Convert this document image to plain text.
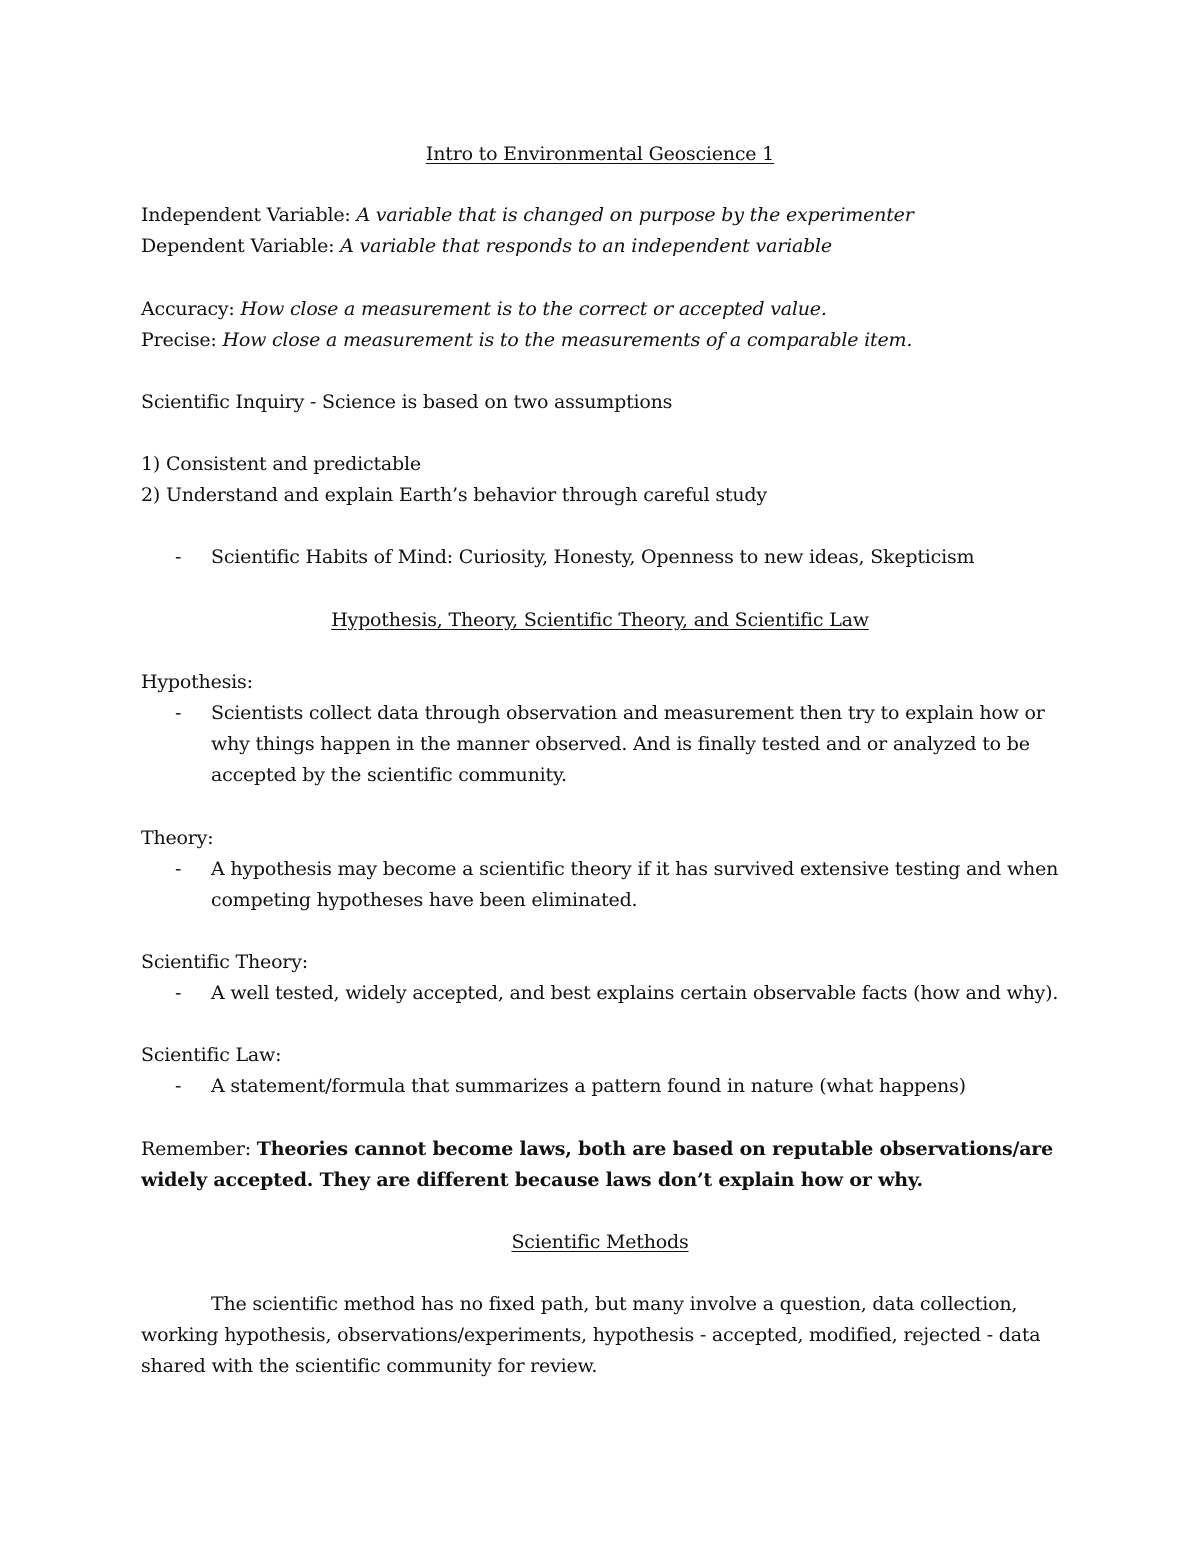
Intro to Environmental Geoscience 1
Independent Variable: A variable that is changed on purpose by the experimenter
Dependent Variable: A variable that responds to an independent variable
Accuracy: How close a measurement is to the correct or accepted value.
Precise: How close a measurement is to the measurements of a comparable item.
Scientific Inquiry - Science is based on two assumptions
1) Consistent and predictable
2) Understand and explain Earth’s behavior through careful study
- Scientific Habits of Mind: Curiosity, Honesty, Openness to new ideas, Skepticism
Hypothesis, Theory, Scientific Theory, and Scientific Law
Hypothesis:
- Scientists collect data through observation and measurement then try to explain how or
why things happen in the manner observed. And is finally tested and or analyzed to be
accepted by the scientific community.
Theory:
- A hypothesis may become a scientific theory if it has survived extensive testing and when
competing hypotheses have been eliminated.
Scientific Theory:
- A well tested, widely accepted, and best explains certain observable facts (how and why).
Scientific Law:
- A statement/formula that summarizes a pattern found in nature (what happens)
Remember: Theories cannot become laws, both are based on reputable observations/are
widely accepted. They are different because laws don’t explain how or why.
Scientific Methods
The scientific method has no fixed path, but many involve a question, data collection,
working hypothesis, observations/experiments, hypothesis - accepted, modified, rejected - data
shared with the scientific community for review.
